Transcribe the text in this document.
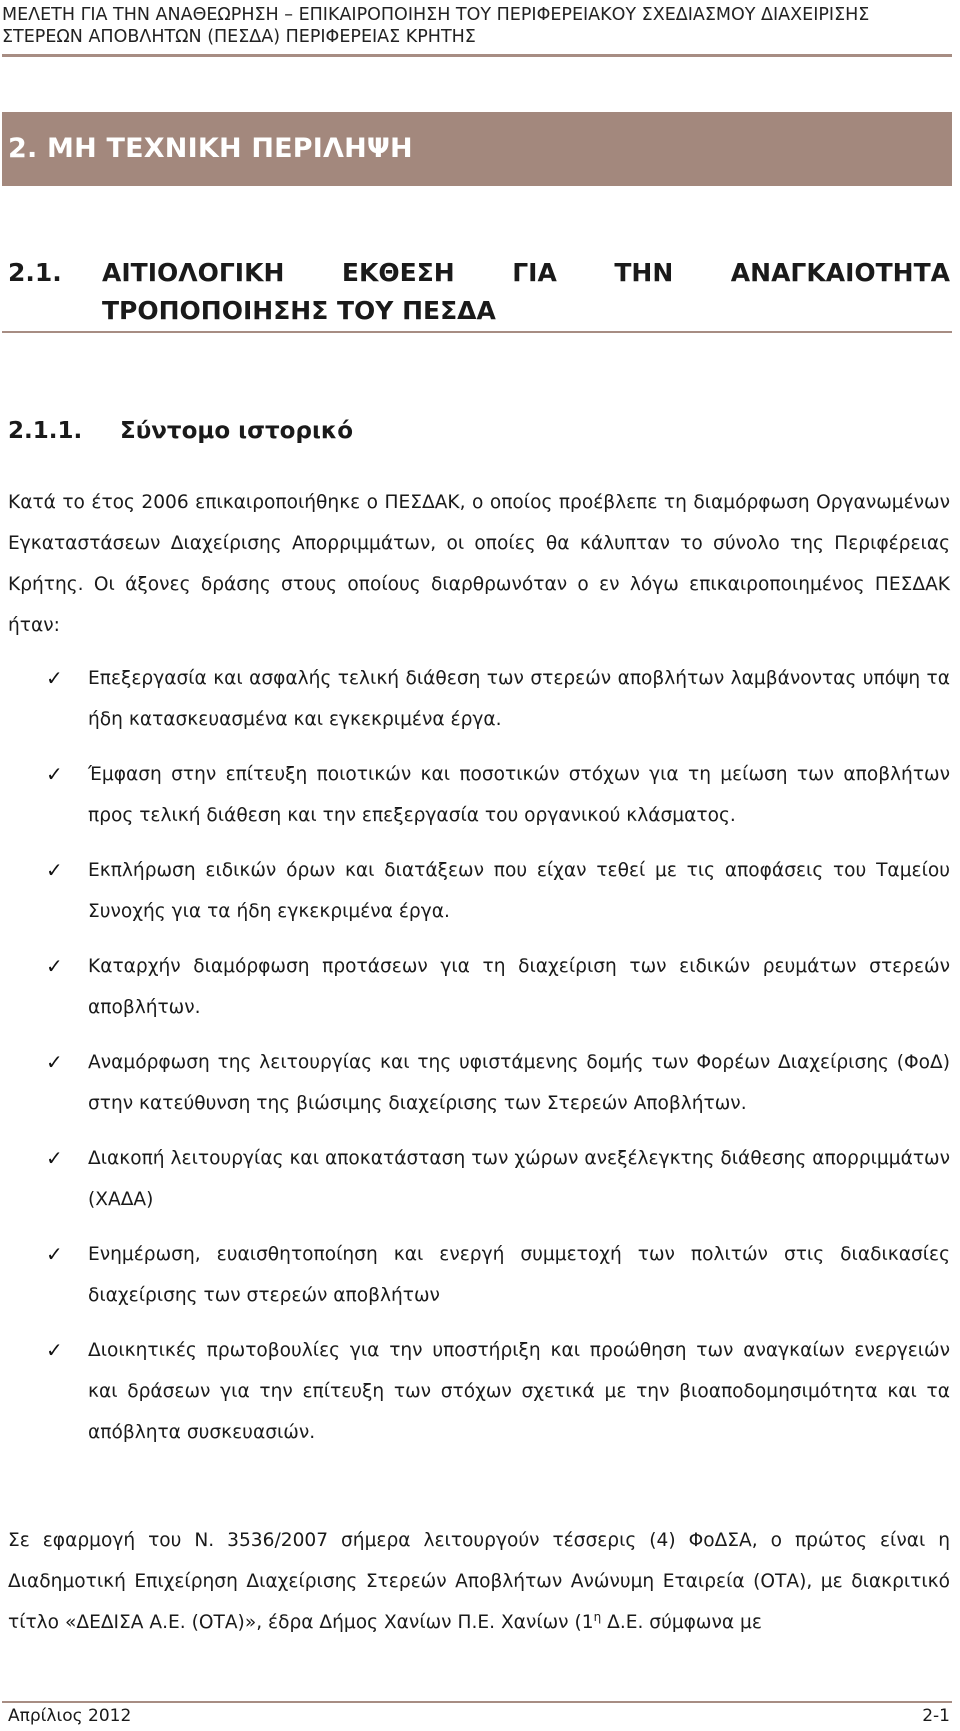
ΜΕΛΕΤΗ ΓΙΑ ΤΗΝ ΑΝΑΘΕΩΡΗΣΗ – ΕΠΙΚΑΙΡΟΠΟΙΗΣΗ ΤΟΥ ΠΕΡΙΦΕΡΕΙΑΚΟΥ ΣΧΕΔΙΑΣΜΟΥ ΔΙΑΧΕΙΡΙΣΗΣ ΣΤΕΡΕΩΝ ΑΠΟΒΛΗΤΩΝ (ΠΕΣΔΑ) ΠΕΡΙΦΕΡΕΙΑΣ ΚΡΗΤΗΣ
2. ΜΗ ΤΕΧΝΙΚΗ ΠΕΡΙΛΗΨΗ
2.1. ΑΙΤΙΟΛΟΓΙΚΗ ΕΚΘΕΣΗ ΓΙΑ ΤΗΝ ΑΝΑΓΚΑΙΟΤΗΤΑ
ΤΡΟΠΟΠΟΙΗΣΗΣ ΤΟΥ ΠΕΣΔΑ
2.1.1. Σύντομο ιστορικό
Κατά το έτος 2006 επικαιροποιήθηκε ο ΠΕΣΔΑΚ, ο οποίος προέβλεπε τη διαμόρφωση Οργανωμένων Εγκαταστάσεων Διαχείρισης Απορριμμάτων, οι οποίες θα κάλυπταν το σύνολο της Περιφέρειας Κρήτης. Οι άξονες δράσης στους οποίους διαρθρωνόταν ο εν λόγω επικαιροποιημένος ΠΕΣΔΑΚ ήταν:
✓ Επεξεργασία και ασφαλής τελική διάθεση των στερεών αποβλήτων λαμβάνοντας υπόψη τα ήδη κατασκευασμένα και εγκεκριμένα έργα.
✓ Έμφαση στην επίτευξη ποιοτικών και ποσοτικών στόχων για τη μείωση των αποβλήτων προς τελική διάθεση και την επεξεργασία του οργανικού κλάσματος.
✓ Εκπλήρωση ειδικών όρων και διατάξεων που είχαν τεθεί με τις αποφάσεις του Ταμείου Συνοχής για τα ήδη εγκεκριμένα έργα.
✓ Καταρχήν διαμόρφωση προτάσεων για τη διαχείριση των ειδικών ρευμάτων στερεών αποβλήτων.
✓ Αναμόρφωση της λειτουργίας και της υφιστάμενης δομής των Φορέων Διαχείρισης (ΦοΔ) στην κατεύθυνση της βιώσιμης διαχείρισης των Στερεών Αποβλήτων.
✓ Διακοπή λειτουργίας και αποκατάσταση των χώρων ανεξέλεγκτης διάθεσης απορριμμάτων (ΧΑΔΑ)
✓ Ενημέρωση, ευαισθητοποίηση και ενεργή συμμετοχή των πολιτών στις διαδικασίες διαχείρισης των στερεών αποβλήτων
✓ Διοικητικές πρωτοβουλίες για την υποστήριξη και προώθηση των αναγκαίων ενεργειών και δράσεων για την επίτευξη των στόχων σχετικά με την βιοαποδομησιμότητα και τα απόβλητα συσκευασιών.
Σε εφαρμογή του Ν. 3536/2007 σήμερα λειτουργούν τέσσερις (4) ΦοΔΣΑ, ο πρώτος είναι η Διαδημοτική Επιχείρηση Διαχείρισης Στερεών Αποβλήτων Ανώνυμη Εταιρεία (ΟΤΑ), με διακριτικό τίτλο «ΔΕΔΙΣΑ Α.Ε. (ΟΤΑ)», έδρα Δήμος Χανίων Π.Ε. Χανίων ($1^\eta$ Δ.Ε. σύμφωνα με
Απρίλιος 2012	2-1
